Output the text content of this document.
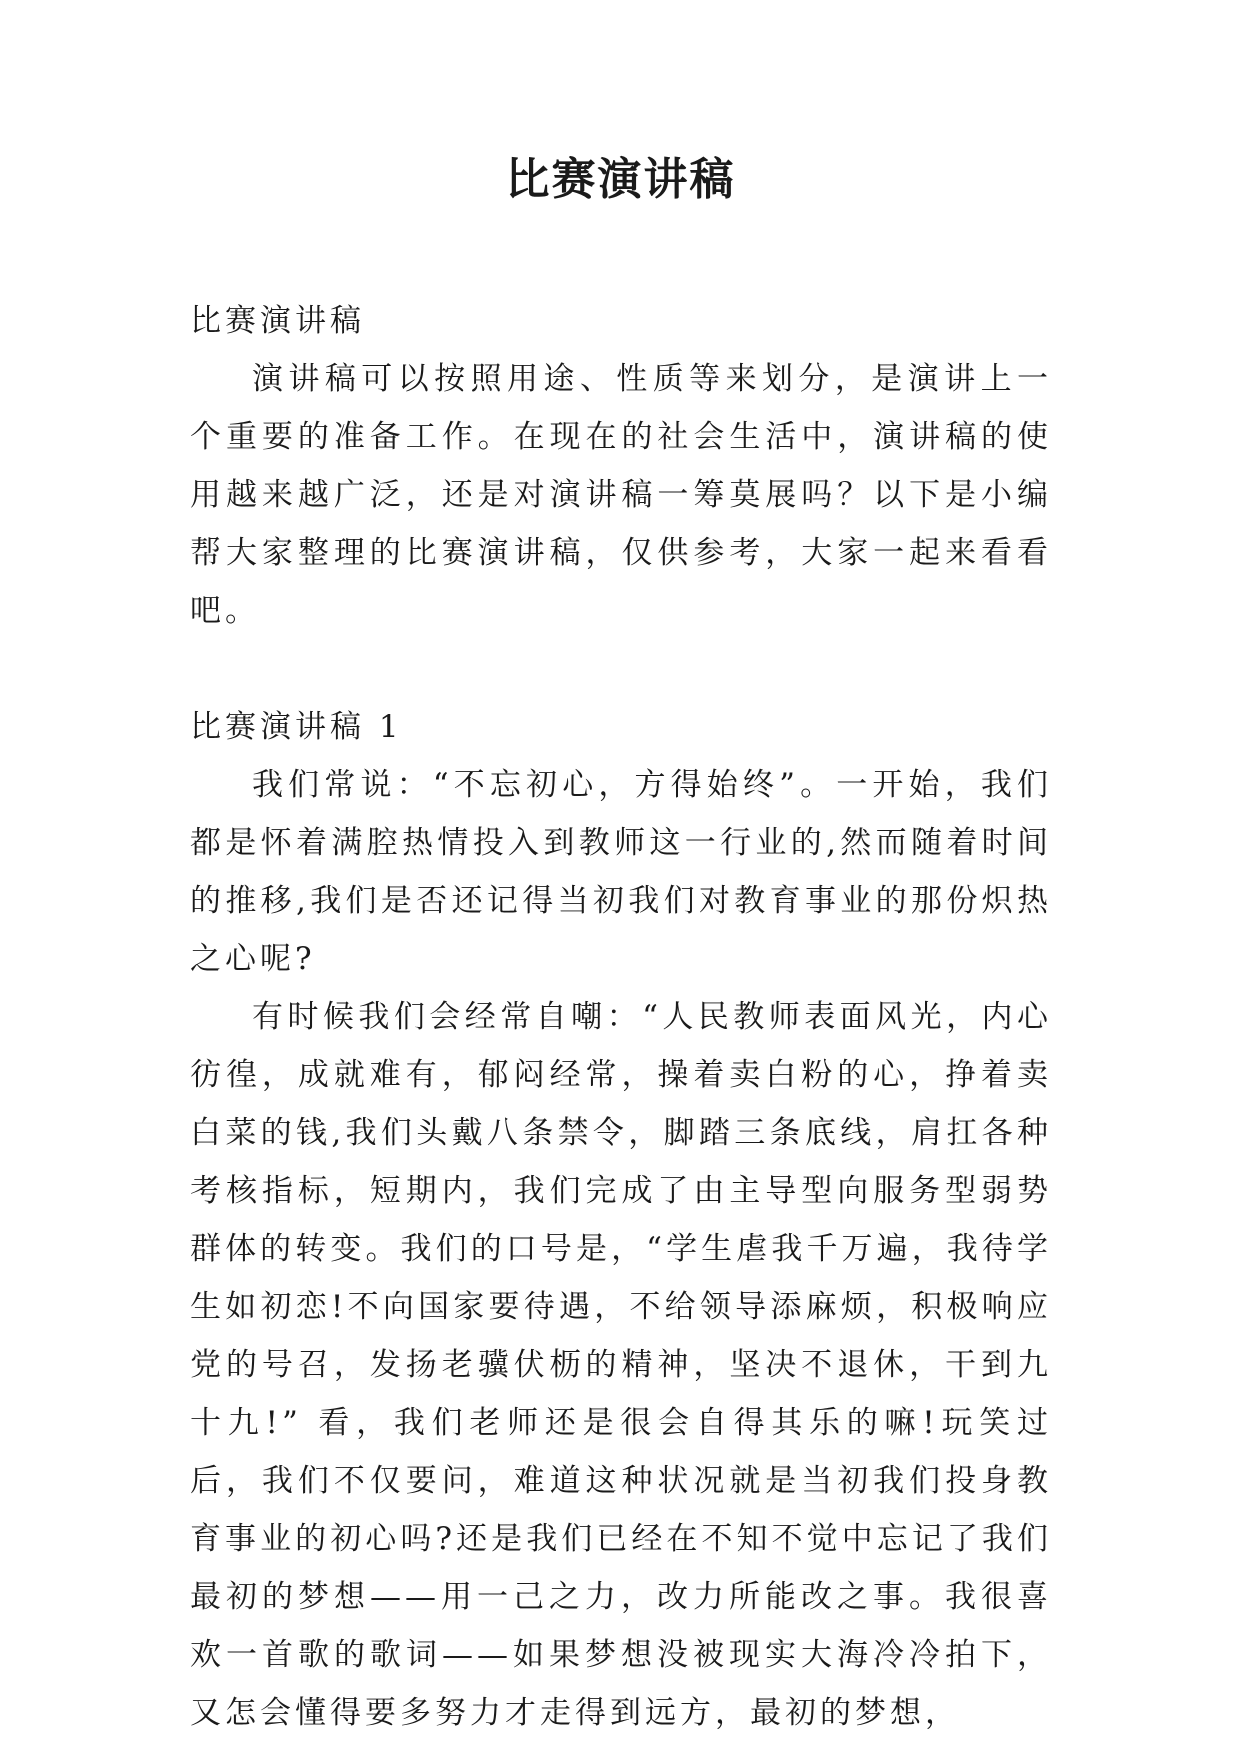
比赛演讲稿

比赛演讲稿

演讲稿可以按照用途、性质等来划分，是演讲上一个重要的准备工作。在现在的社会生活中，演讲稿的使用越来越广泛，还是对演讲稿一筹莫展吗？以下是小编帮大家整理的比赛演讲稿，仅供参考，大家一起来看看吧。

比赛演讲稿 1

我们常说：“不忘初心，方得始终”。一开始，我们都是怀着满腔热情投入到教师这一行业的,然而随着时间的推移,我们是否还记得当初我们对教育事业的那份炽热之心呢?

有时候我们会经常自嘲：“人民教师表面风光，内心彷徨，成就难有，郁闷经常，操着卖白粉的心，挣着卖白菜的钱,我们头戴八条禁令，脚踏三条底线，肩扛各种考核指标，短期内，我们完成了由主导型向服务型弱势群体的转变。我们的口号是，“学生虐我千万遍，我待学生如初恋!不向国家要待遇，不给领导添麻烦，积极响应党的号召，发扬老骥伏枥的精神，坚决不退休，干到九十九!” 看，我们老师还是很会自得其乐的嘛!玩笑过后，我们不仅要问，难道这种状况就是当初我们投身教育事业的初心吗?还是我们已经在不知不觉中忘记了我们最初的梦想——用一己之力，改力所能改之事。我很喜欢一首歌的歌词——如果梦想没被现实大海冷冷拍下，又怎会懂得要多努力才走得到远方，最初的梦想，
